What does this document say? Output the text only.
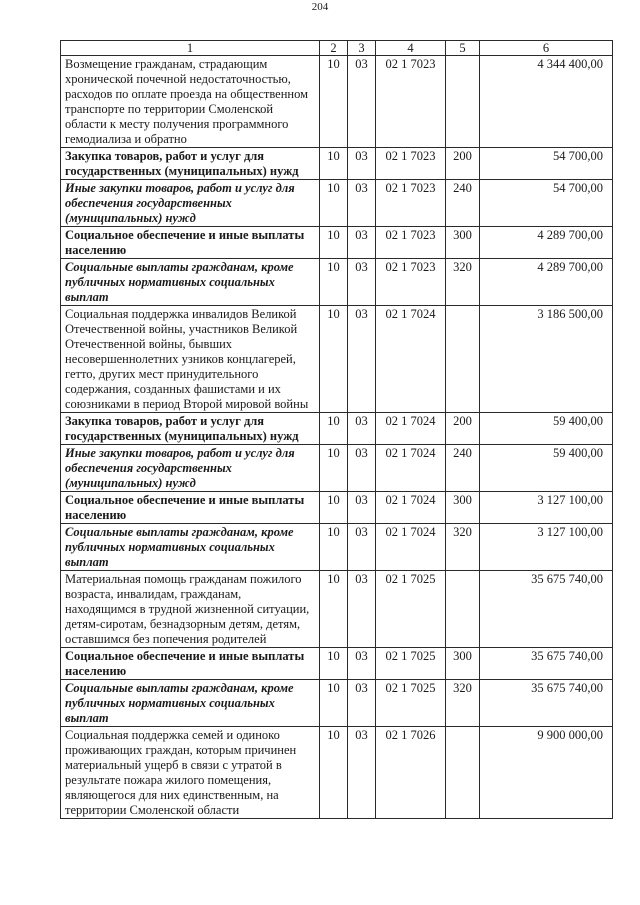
204
1	2	3	4	5	6
Возмещение гражданам, страдающим хронической почечной недостаточностью, расходов по оплате проезда на общественном транспорте по территории Смоленской области к месту получения программного гемодиализа и обратно	10	03	02 1 7023		4 344 400,00
Закупка товаров, работ и услуг для государственных (муниципальных) нужд	10	03	02 1 7023	200	54 700,00
Иные закупки товаров, работ и услуг для обеспечения государственных (муниципальных) нужд	10	03	02 1 7023	240	54 700,00
Социальное обеспечение и иные выплаты населению	10	03	02 1 7023	300	4 289 700,00
Социальные выплаты гражданам, кроме публичных нормативных социальных выплат	10	03	02 1 7023	320	4 289 700,00
Социальная поддержка инвалидов Великой Отечественной войны, участников Великой Отечественной войны, бывших несовершеннолетних узников концлагерей, гетто, других мест принудительного содержания, созданных фашистами и их союзниками в период Второй мировой войны	10	03	02 1 7024		3 186 500,00
Закупка товаров, работ и услуг для государственных (муниципальных) нужд	10	03	02 1 7024	200	59 400,00
Иные закупки товаров, работ и услуг для обеспечения государственных (муниципальных) нужд	10	03	02 1 7024	240	59 400,00
Социальное обеспечение и иные выплаты населению	10	03	02 1 7024	300	3 127 100,00
Социальные выплаты гражданам, кроме публичных нормативных социальных выплат	10	03	02 1 7024	320	3 127 100,00
Материальная помощь гражданам пожилого возраста, инвалидам, гражданам, находящимся в трудной жизненной ситуации, детям-сиротам, безнадзорным детям, детям, оставшимся без попечения родителей	10	03	02 1 7025		35 675 740,00
Социальное обеспечение и иные выплаты населению	10	03	02 1 7025	300	35 675 740,00
Социальные выплаты гражданам, кроме публичных нормативных социальных выплат	10	03	02 1 7025	320	35 675 740,00
Социальная поддержка семей и одиноко проживающих граждан, которым причинен материальный ущерб в связи с утратой в результате пожара жилого помещения, являющегося для них единственным, на территории Смоленской области	10	03	02 1 7026		9 900 000,00
